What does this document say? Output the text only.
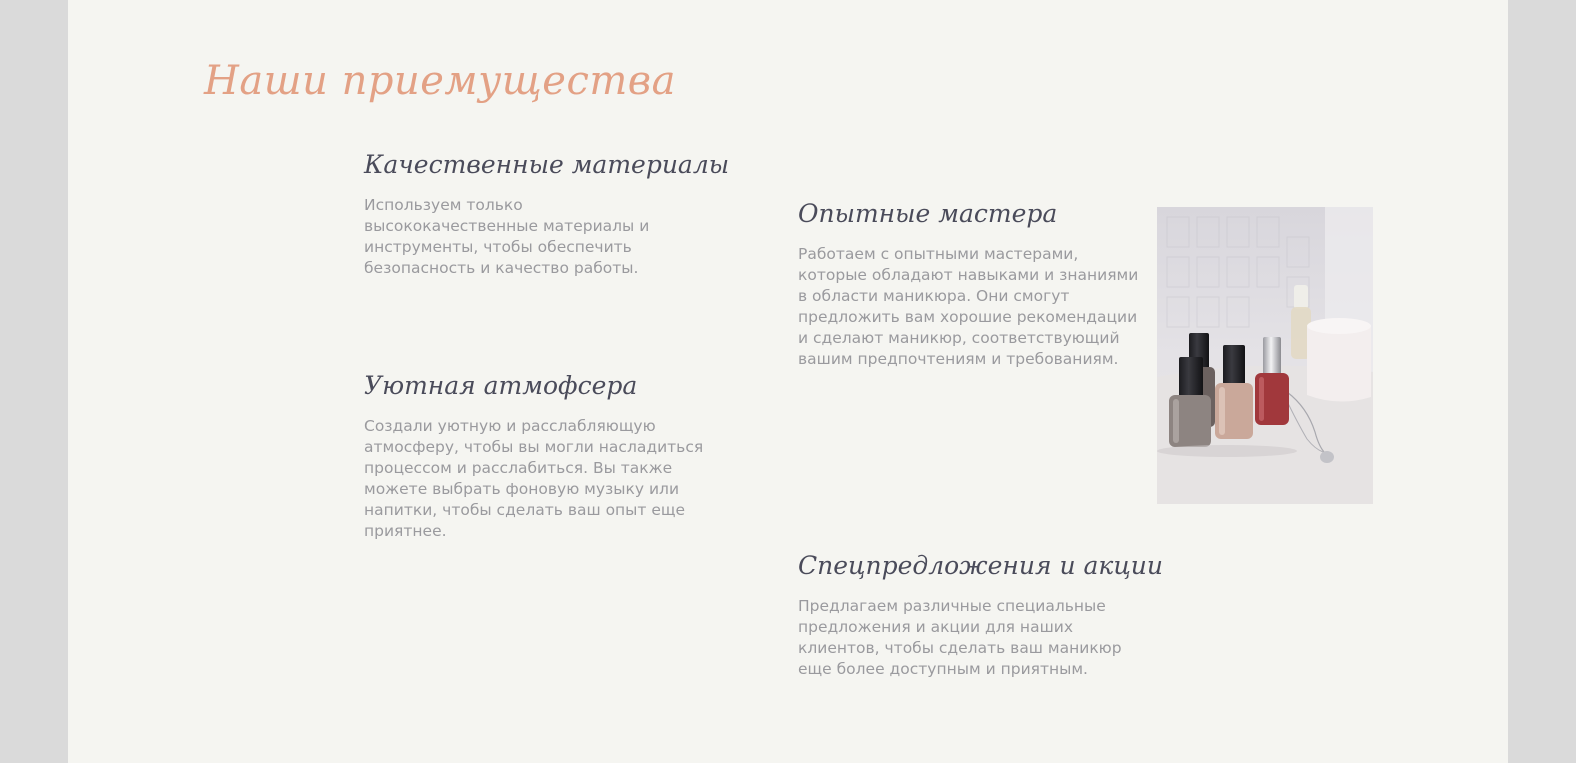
Наши приемущества
Качественные материалы

Используем только высококачественные материалы и инструменты, чтобы обеспечить безопасность и качество работы.

Уютная атмофсера

Создали уютную и расслабляющую атмосферу, чтобы вы могли насладиться процессом и расслабиться. Вы также можете выбрать фоновую музыку или напитки, чтобы сделать ваш опыт еще приятнее.

Опытные мастера

Работаем с опытными мастерами, которые обладают навыками и знаниями в области маникюра. Они смогут предложить вам хорошие рекомендации и сделают маникюр, соответствующий вашим предпочтениям и требованиям.

Спецпредложения и акции

Предлагаем различные специальные предложения и акции для наших клиентов, чтобы сделать ваш маникюр еще более доступным и приятным.
